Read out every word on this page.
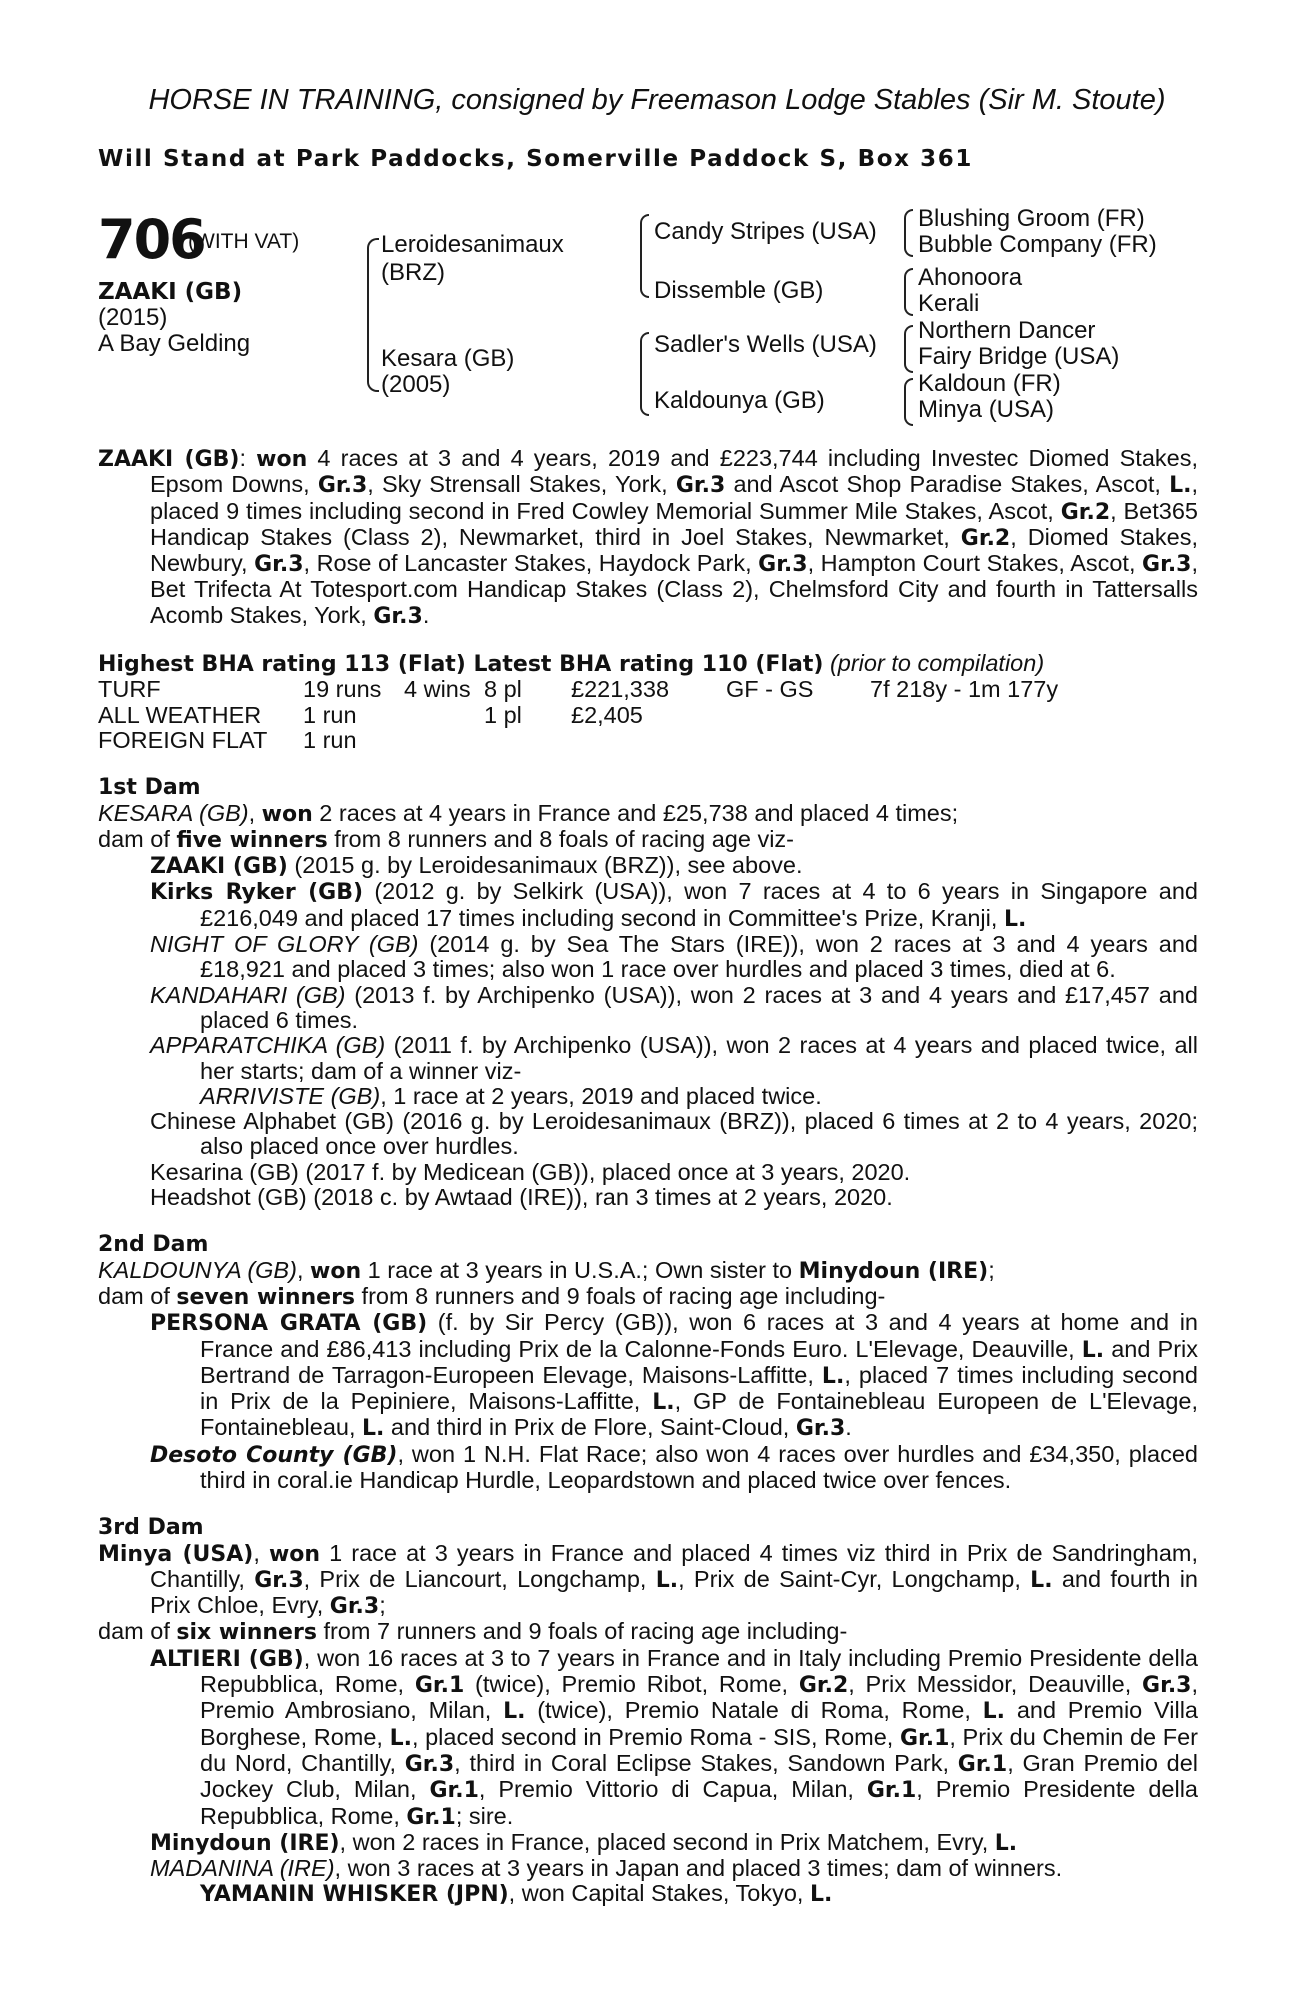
HORSE IN TRAINING, consigned by Freemason Lodge Stables (Sir M. Stoute)
Will Stand at Park Paddocks, Somerville Paddock S, Box 361
706
(WITH VAT)
ZAAKI (GB)
(2015)
A Bay Gelding
Leroidesanimaux
(BRZ)
Kesara (GB)
(2005)
Candy Stripes (USA)
Dissemble (GB)
Sadler's Wells (USA)
Kaldounya (GB)
Blushing Groom (FR)
Bubble Company (FR)
Ahonoora
Kerali
Northern Dancer
Fairy Bridge (USA)
Kaldoun (FR)
Minya (USA)
ZAAKI (GB): won 4 races at 3 and 4 years, 2019 and £223,744 including Investec Diomed Stakes, Epsom Downs, Gr.3, Sky Strensall Stakes, York, Gr.3 and Ascot Shop Paradise Stakes, Ascot, L., placed 9 times including second in Fred Cowley Memorial Summer Mile Stakes, Ascot, Gr.2, Bet365 Handicap Stakes (Class 2), Newmarket, third in Joel Stakes, Newmarket, Gr.2, Diomed Stakes, Newbury, Gr.3, Rose of Lancaster Stakes, Haydock Park, Gr.3, Hampton Court Stakes, Ascot, Gr.3, Bet Trifecta At Totesport.com Handicap Stakes (Class 2), Chelmsford City and fourth in Tattersalls Acomb Stakes, York, Gr.3.
Highest BHA rating 113 (Flat) Latest BHA rating 110 (Flat) (prior to compilation)
TURF	19 runs	4 wins	8 pl	£221,338	GF - GS	7f 218y - 1m 177y
ALL WEATHER	1 run		1 pl	£2,405		
FOREIGN FLAT	1 run					
1st Dam
KESARA (GB), won 2 races at 4 years in France and £25,738 and placed 4 times;
dam of five winners from 8 runners and 8 foals of racing age viz-
ZAAKI (GB) (2015 g. by Leroidesanimaux (BRZ)), see above.
Kirks Ryker (GB) (2012 g. by Selkirk (USA)), won 7 races at 4 to 6 years in Singapore and £216,049 and placed 17 times including second in Committee's Prize, Kranji, L.
NIGHT OF GLORY (GB) (2014 g. by Sea The Stars (IRE)), won 2 races at 3 and 4 years and £18,921 and placed 3 times; also won 1 race over hurdles and placed 3 times, died at 6.
KANDAHARI (GB) (2013 f. by Archipenko (USA)), won 2 races at 3 and 4 years and £17,457 and placed 6 times.
APPARATCHIKA (GB) (2011 f. by Archipenko (USA)), won 2 races at 4 years and placed twice, all her starts; dam of a winner viz-
ARRIVISTE (GB), 1 race at 2 years, 2019 and placed twice.
Chinese Alphabet (GB) (2016 g. by Leroidesanimaux (BRZ)), placed 6 times at 2 to 4 years, 2020; also placed once over hurdles.
Kesarina (GB) (2017 f. by Medicean (GB)), placed once at 3 years, 2020.
Headshot (GB) (2018 c. by Awtaad (IRE)), ran 3 times at 2 years, 2020.
2nd Dam
KALDOUNYA (GB), won 1 race at 3 years in U.S.A.; Own sister to Minydoun (IRE);
dam of seven winners from 8 runners and 9 foals of racing age including-
PERSONA GRATA (GB) (f. by Sir Percy (GB)), won 6 races at 3 and 4 years at home and in France and £86,413 including Prix de la Calonne-Fonds Euro. L'Elevage, Deauville, L. and Prix Bertrand de Tarragon-Europeen Elevage, Maisons-Laffitte, L., placed 7 times including second in Prix de la Pepiniere, Maisons-Laffitte, L., GP de Fontainebleau Europeen de L'Elevage, Fontainebleau, L. and third in Prix de Flore, Saint-Cloud, Gr.3.
Desoto County (GB), won 1 N.H. Flat Race; also won 4 races over hurdles and £34,350, placed third in coral.ie Handicap Hurdle, Leopardstown and placed twice over fences.
3rd Dam
Minya (USA), won 1 race at 3 years in France and placed 4 times viz third in Prix de Sandringham, Chantilly, Gr.3, Prix de Liancourt, Longchamp, L., Prix de Saint-Cyr, Longchamp, L. and fourth in Prix Chloe, Evry, Gr.3;
dam of six winners from 7 runners and 9 foals of racing age including-
ALTIERI (GB), won 16 races at 3 to 7 years in France and in Italy including Premio Presidente della Repubblica, Rome, Gr.1 (twice), Premio Ribot, Rome, Gr.2, Prix Messidor, Deauville, Gr.3, Premio Ambrosiano, Milan, L. (twice), Premio Natale di Roma, Rome, L. and Premio Villa Borghese, Rome, L., placed second in Premio Roma - SIS, Rome, Gr.1, Prix du Chemin de Fer du Nord, Chantilly, Gr.3, third in Coral Eclipse Stakes, Sandown Park, Gr.1, Gran Premio del Jockey Club, Milan, Gr.1, Premio Vittorio di Capua, Milan, Gr.1, Premio Presidente della Repubblica, Rome, Gr.1; sire.
Minydoun (IRE), won 2 races in France, placed second in Prix Matchem, Evry, L.
MADANINA (IRE), won 3 races at 3 years in Japan and placed 3 times; dam of winners.
YAMANIN WHISKER (JPN), won Capital Stakes, Tokyo, L.
